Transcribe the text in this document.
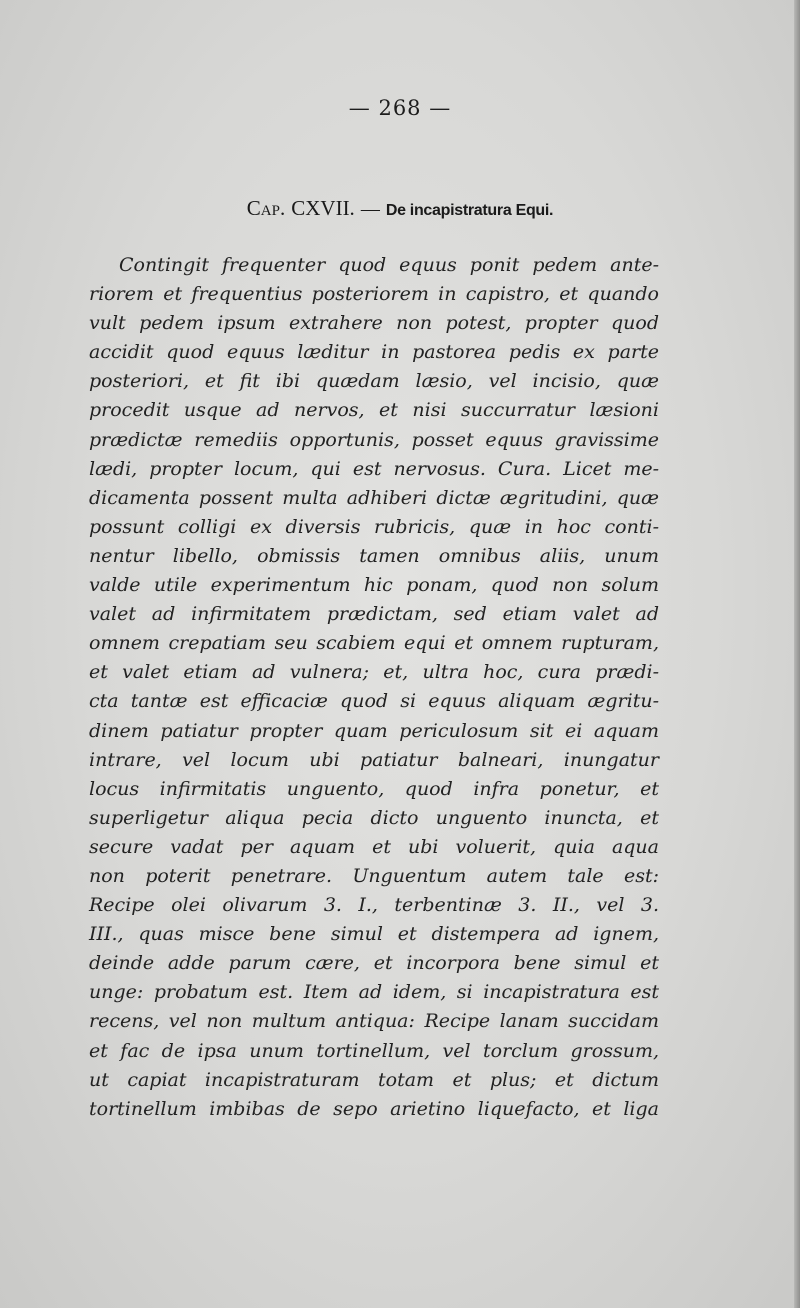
— 268 —
Cap. CXVII. — De incapistratura Equi.
Contingit frequenter quod equus ponit pedem ante-
riorem et frequentius posteriorem in capistro, et quando
vult pedem ipsum extrahere non potest, propter quod
accidit quod equus læditur in pastorea pedis ex parte
posteriori, et fit ibi quædam læsio, vel incisio, quæ
procedit usque ad nervos, et nisi succurratur læsioni
prædictæ remediis opportunis, posset equus gravissime
lædi, propter locum, qui est nervosus. Cura. Licet me-
dicamenta possent multa adhiberi dictæ ægritudini, quæ
possunt colligi ex diversis rubricis, quæ in hoc conti-
nentur libello, obmissis tamen omnibus aliis, unum
valde utile experimentum hic ponam, quod non solum
valet ad infirmitatem prædictam, sed etiam valet ad
omnem crepatiam seu scabiem equi et omnem rupturam,
et valet etiam ad vulnera; et, ultra hoc, cura prædi-
cta tantæ est efficaciæ quod si equus aliquam ægritu-
dinem patiatur propter quam periculosum sit ei aquam
intrare, vel locum ubi patiatur balneari, inungatur
locus infirmitatis unguento, quod infra ponetur, et
superligetur aliqua pecia dicto unguento inuncta, et
secure vadat per aquam et ubi voluerit, quia aqua
non poterit penetrare. Unguentum autem tale est:
Recipe olei olivarum 3. I., terbentinæ 3. II., vel 3.
III., quas misce bene simul et distempera ad ignem,
deinde adde parum cære, et incorpora bene simul et
unge: probatum est. Item ad idem, si incapistratura est
recens, vel non multum antiqua: Recipe lanam succidam
et fac de ipsa unum tortinellum, vel torclum grossum,
ut capiat incapistraturam totam et plus; et dictum
tortinellum imbibas de sepo arietino liquefacto, et liga
